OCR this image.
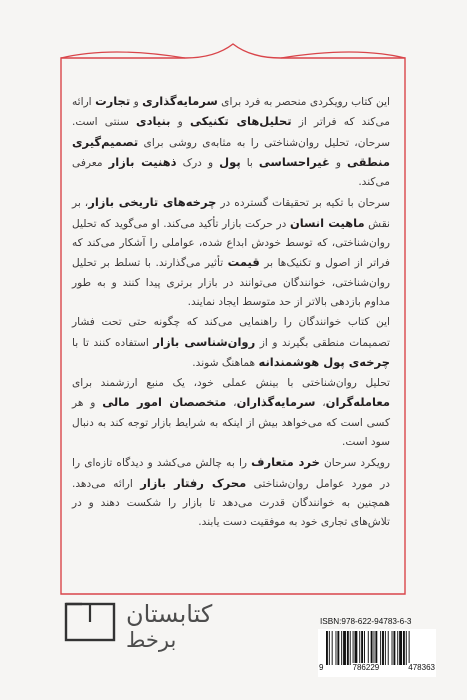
این کتاب رویکردی منحصر به فرد برای سرمایه‌گذاری و تجارت ارائه می‌کند که فراتر از تحلیل‌های تکنیکی و بنیادی سنتی است. سرحان، تحلیل روان‌شناختی را به مثابه‌ی روشی برای تصمیم‌گیری منطقی و غیراحساسی با پول و درک ذهنیت بازار معرفی می‌کند.

سرحان با تکیه بر تحقیقات گسترده در چرخه‌های تاریخی بازار، بر نقش ماهیت انسان در حرکت بازار تأکید می‌کند. او می‌گوید که تحلیل روان‌شناختی، که توسط خودش ابداع شده، عواملی را آشکار می‌کند که فراتر از اصول و تکنیک‌ها بر قیمت تأثیر می‌گذارند. با تسلط بر تحلیل روان‌شناختی، خوانندگان می‌توانند در بازار برتری پیدا کنند و به طور مداوم بازدهی بالاتر از حد متوسط ایجاد نمایند.

این کتاب خوانندگان را راهنمایی می‌کند که چگونه حتی تحت فشار تصمیمات منطقی بگیرند و از روان‌شناسی بازار استفاده کنند تا با چرخه‌ی پول هوشمندانه هماهنگ شوند.

تحلیل روان‌شناختی با بینش عملی خود، یک منبع ارزشمند برای معامله‌گران، سرمایه‌گذاران، متخصصان امور مالی و هر کسی است که می‌خواهد بیش از اینکه به شرایط بازار توجه کند به دنبال سود است.

رویکرد سرحان خرد متعارف را به چالش می‌کشد و دیدگاه تازه‌ای را در مورد عوامل روان‌شناختی محرک رفتار بازار ارائه می‌دهد. همچنین به خوانندگان قدرت می‌دهد تا بازار را شکست دهند و در تلاش‌های تجاری خود به موفقیت دست یابند.

کتابستان
برخط
ISBN:978-622-94783-6-3
9	786229	478363
